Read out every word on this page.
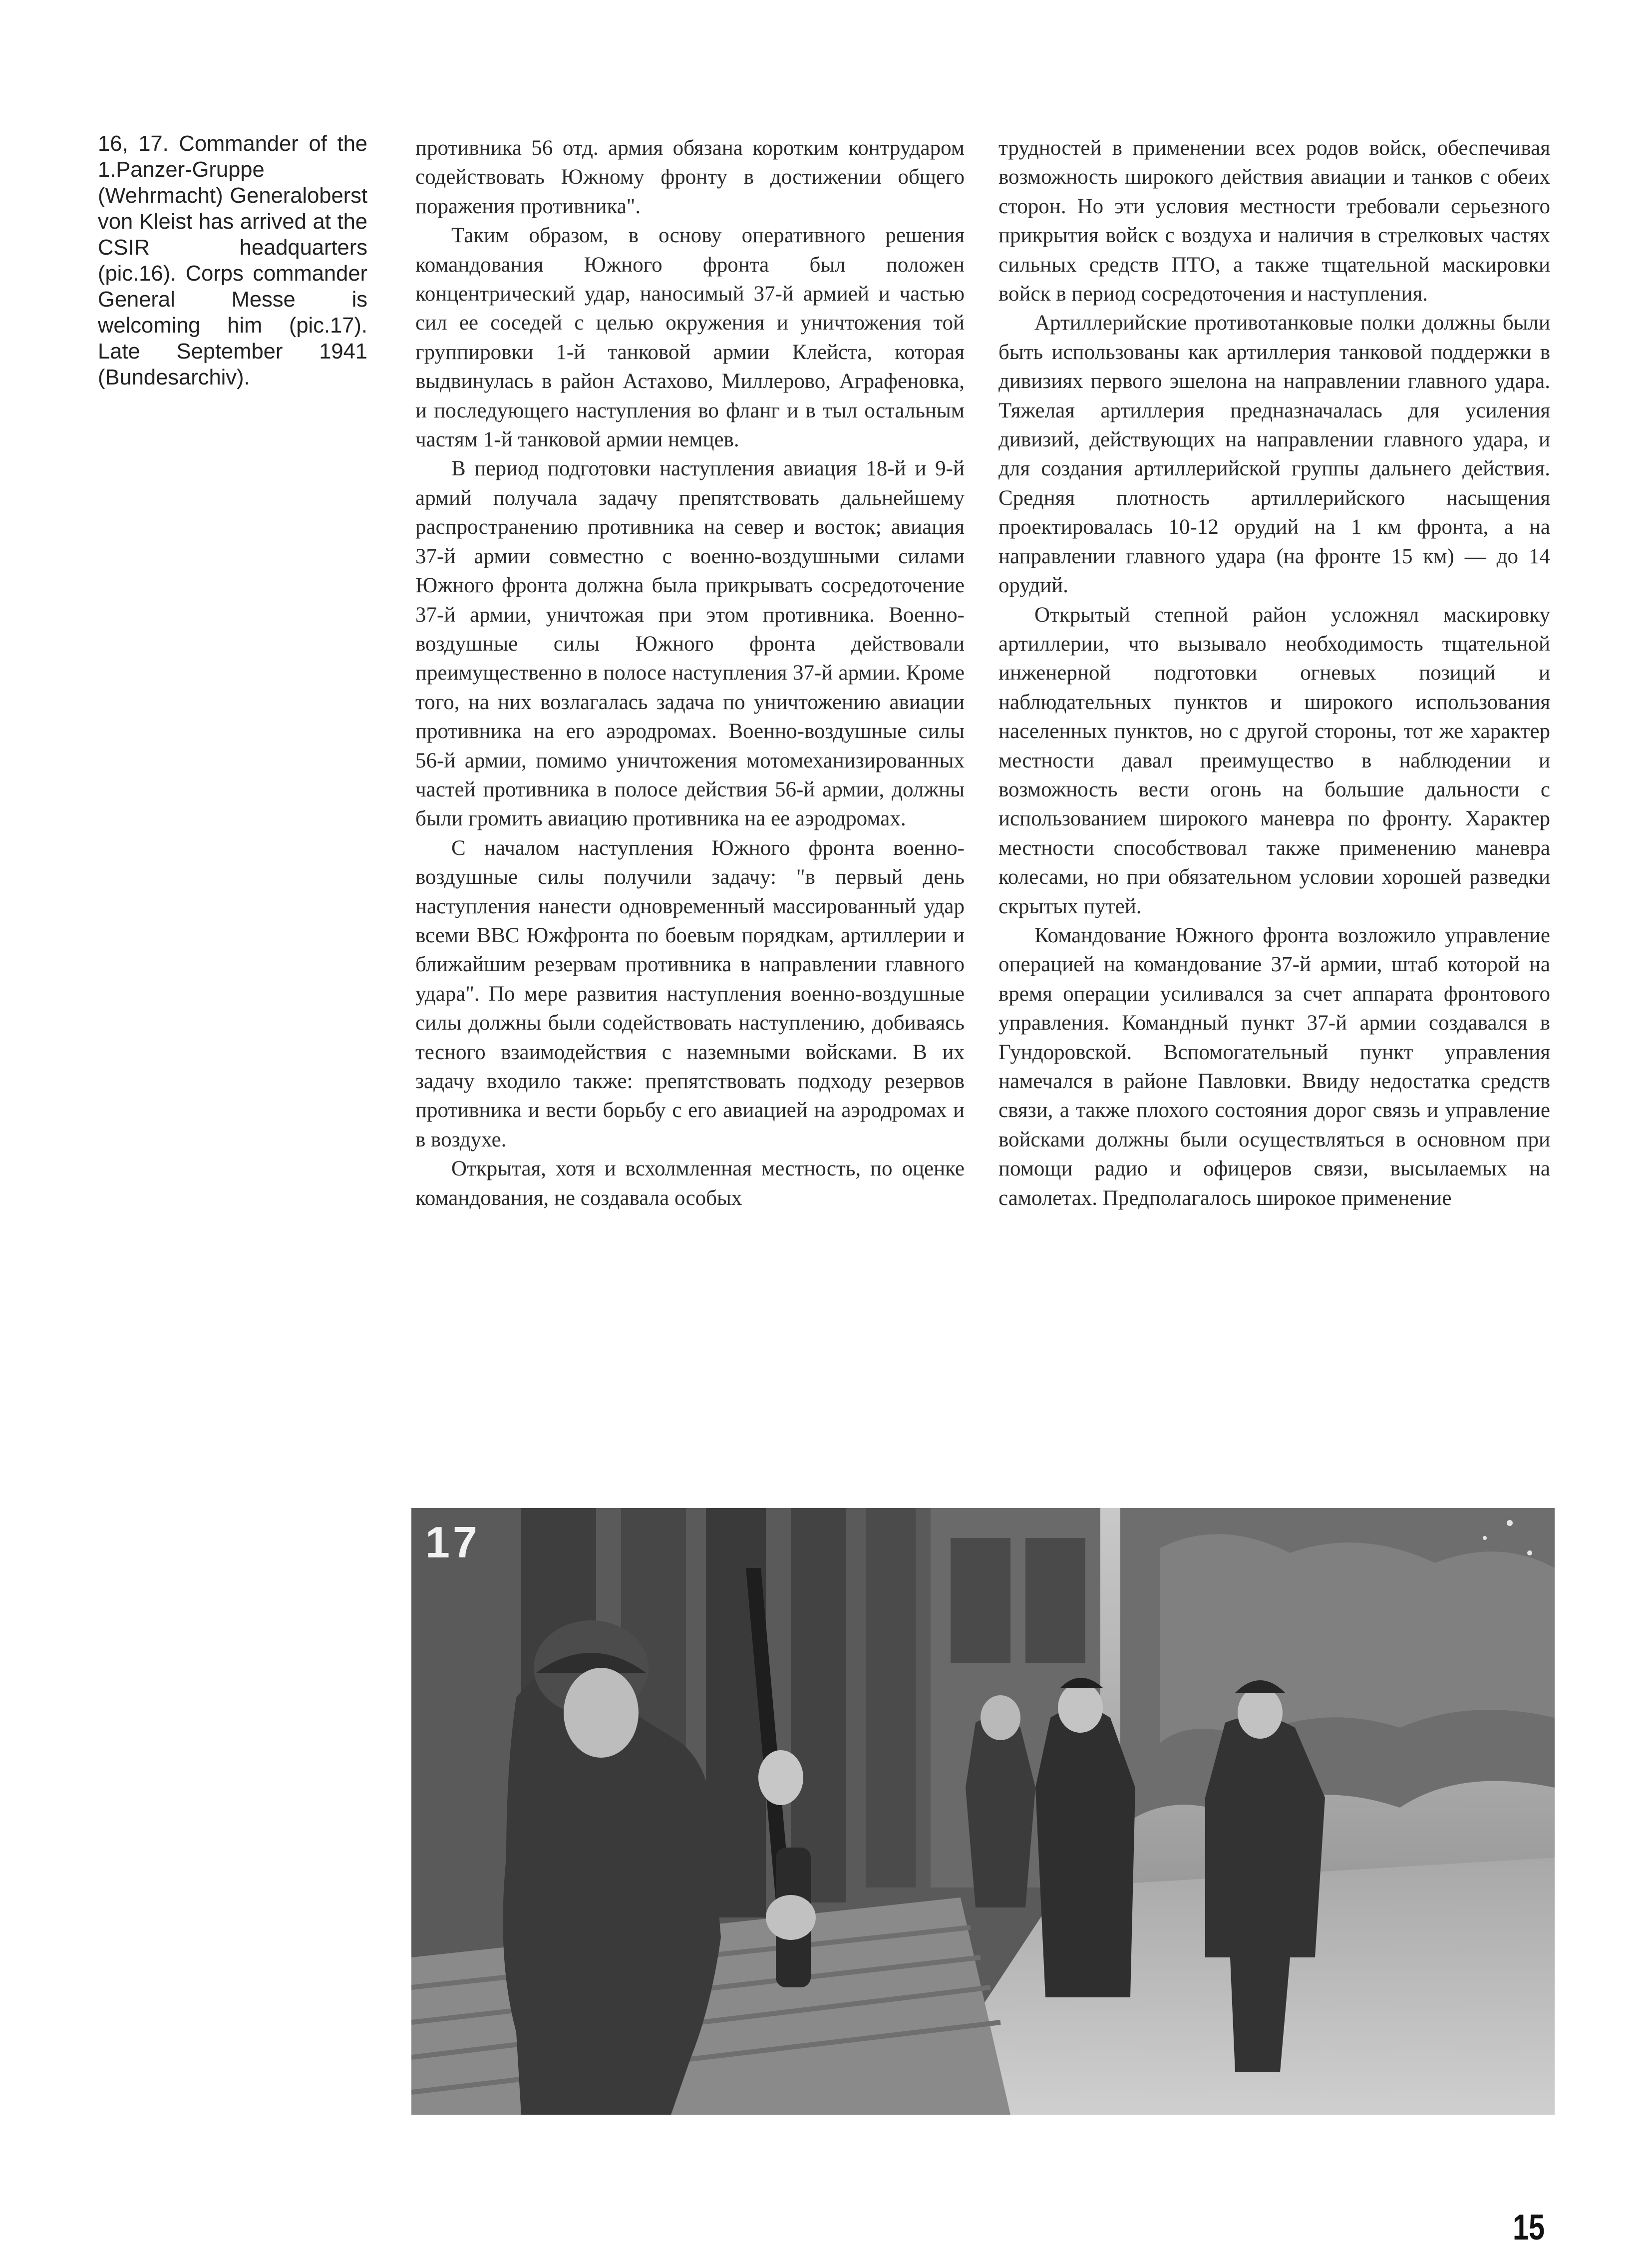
16, 17. Commander of the 1.Panzer-Gruppe (Wehrmacht) Generaloberst von Kleist has arrived at the CSIR headquarters (pic.16). Corps commander General Messe is welcoming him (pic.17). Late September 1941 (Bundesarchiv).

противника 56 отд. армия обязана коротким контрударом содействовать Южному фронту в достижении общего поражения противника".

Таким образом, в основу оперативного решения командования Южного фронта был положен концентрический удар, наносимый 37-й армией и частью сил ее соседей с целью окружения и уничтожения той группировки 1-й танковой армии Клейста, которая выдвинулась в район Астахово, Миллерово, Аграфеновка, и последующего наступления во фланг и в тыл остальным частям 1-й танковой армии немцев.

В период подготовки наступления авиация 18-й и 9-й армий получала задачу препятствовать дальнейшему распространению противника на север и восток; авиация 37-й армии совместно с военно-воздушными силами Южного фронта должна была прикрывать сосредоточение 37-й армии, уничтожая при этом противника. Военно-воздушные силы Южного фронта действовали преимущественно в полосе наступления 37-й армии. Кроме того, на них возлагалась задача по уничтожению авиации противника на его аэродромах. Военно-воздушные силы 56-й армии, помимо уничтожения мотомеханизированных частей противника в полосе действия 56-й армии, должны были громить авиацию противника на ее аэродромах.

С началом наступления Южного фронта военно-воздушные силы получили задачу: "в первый день наступления нанести одновременный массированный удар всеми ВВС Южфронта по боевым порядкам, артиллерии и ближайшим резервам противника в направлении главного удара". По мере развития наступления военно-воздушные силы должны были содействовать наступлению, добиваясь тесного взаимодействия с наземными войсками. В их задачу входило также: препятствовать подходу резервов противника и вести борьбу с его авиацией на аэродромах и в воздухе.

Открытая, хотя и всхолмленная местность, по оценке командования, не создавала особых

трудностей в применении всех родов войск, обеспечивая возможность широкого действия авиации и танков с обеих сторон. Но эти условия местности требовали серьезного прикрытия войск с воздуха и наличия в стрелковых частях сильных средств ПТО, а также тщательной маскировки войск в период сосредоточения и наступления.

Артиллерийские противотанковые полки должны были быть использованы как артиллерия танковой поддержки в дивизиях первого эшелона на направлении главного удара. Тяжелая артиллерия предназначалась для усиления дивизий, действующих на направлении главного удара, и для создания артиллерийской группы дальнего действия. Средняя плотность артиллерийского насыщения проектировалась 10-12 орудий на 1 км фронта, а на направлении главного удара (на фронте 15 км) — до 14 орудий.

Открытый степной район усложнял маскировку артиллерии, что вызывало необходимость тщательной инженерной подготовки огневых позиций и наблюдательных пунктов и широкого использования населенных пунктов, но с другой стороны, тот же характер местности давал преимущество в наблюдении и возможность вести огонь на большие дальности с использованием широкого маневра по фронту. Характер местности способствовал также применению маневра колесами, но при обязательном условии хорошей разведки скрытых путей.

Командование Южного фронта возложило управление операцией на командование 37-й армии, штаб которой на время операции усиливался за счет аппарата фронтового управления. Командный пункт 37-й армии создавался в Гундоровской. Вспомогательный пункт управления намечался в районе Павловки. Ввиду недостатка средств связи, а также плохого состояния дорог связь и управление войсками должны были осуществляться в основном при помощи радио и офицеров связи, высылаемых на самолетах. Предполагалось широкое применение

17
15
